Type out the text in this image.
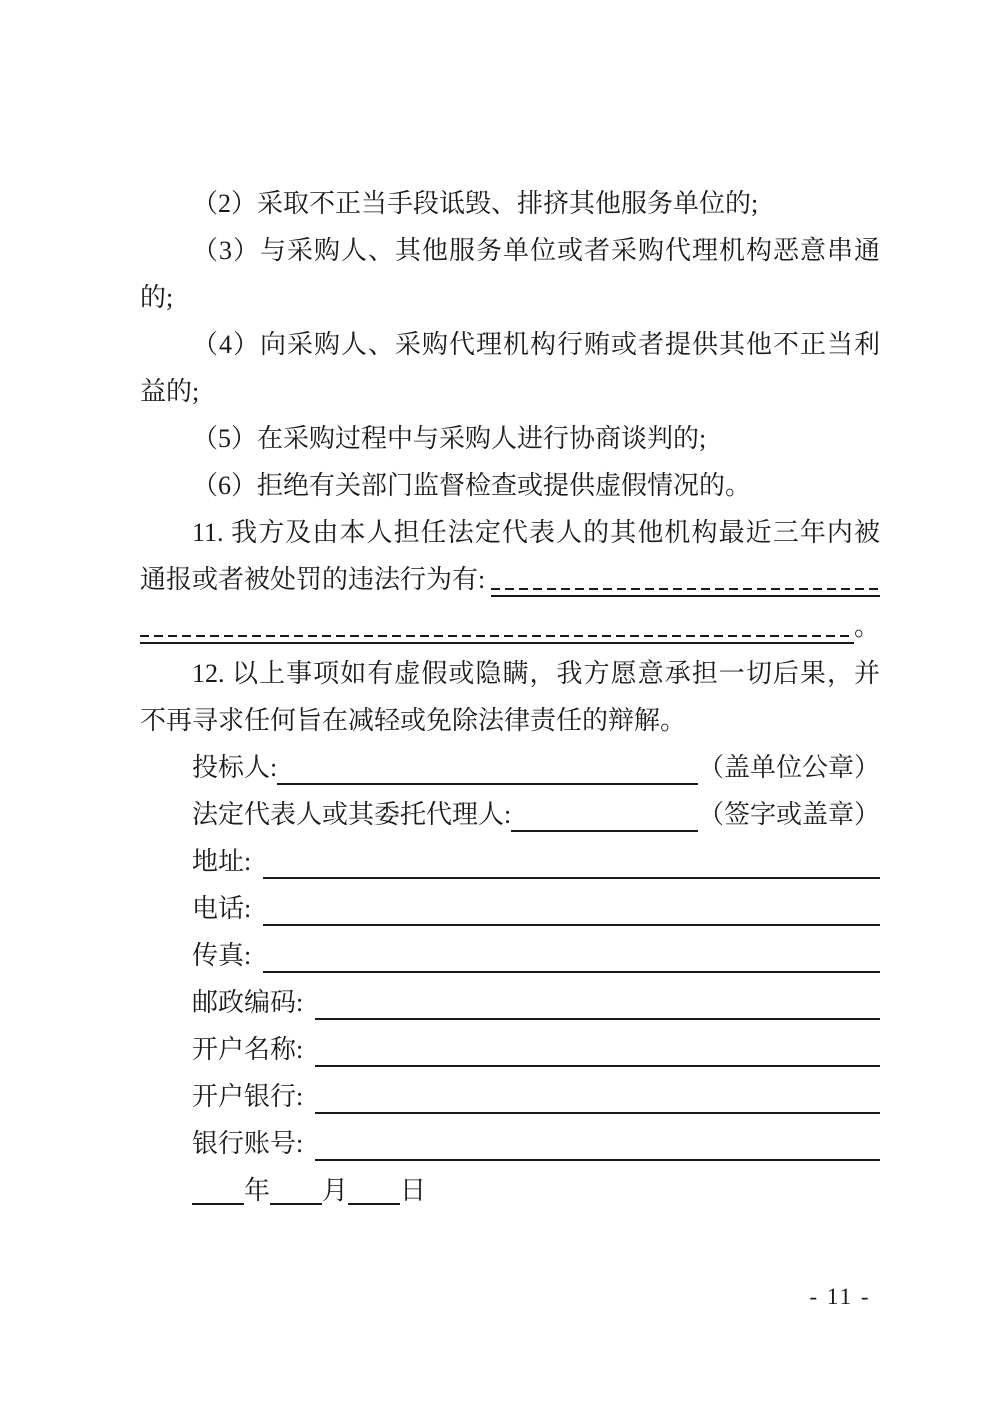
（2）采取不正当手段诋毁、排挤其他服务单位的;
（3）与采购人、其他服务单位或者采购代理机构恶意串通
的;
（4）向采购人、采购代理机构行贿或者提供其他不正当利
益的;
（5）在采购过程中与采购人进行协商谈判的;
（6）拒绝有关部门监督检查或提供虚假情况的。
11. 我方及由本人担任法定代表人的其他机构最近三年内被
通报或者被处罚的违法行为有:
。
12. 以上事项如有虚假或隐瞒，我方愿意承担一切后果，并
不再寻求任何旨在减轻或免除法律责任的辩解。
投标人:	（盖单位公章）
法定代表人或其委托代理人:	（签字或盖章）
地址:
电话:
传真:
邮政编码:
开户名称:
开户银行:
银行账号:
年 月 日
- 11 -
